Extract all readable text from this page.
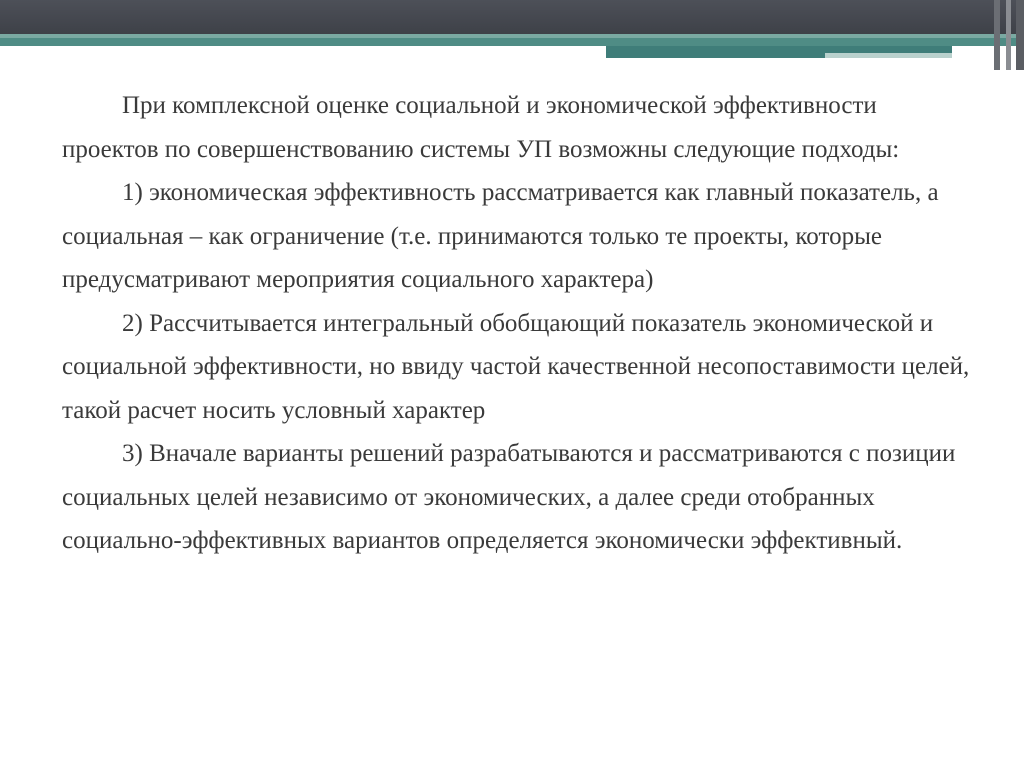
При комплексной оценке социальной и экономической эффективности проектов по совершенствованию системы УП возможны следующие подходы:

1) экономическая эффективность рассматривается как главный показатель, а социальная – как ограничение (т.е. принимаются только те проекты, которые предусматривают мероприятия социального характера)

2) Рассчитывается интегральный обобщающий показатель экономической и социальной эффективности, но ввиду частой качественной несопоставимости целей, такой расчет носить условный характер

3) Вначале варианты решений разрабатываются и рассматриваются с позиции социальных целей независимо от экономических, а далее среди отобранных социально-эффективных вариантов определяется экономически эффективный.
